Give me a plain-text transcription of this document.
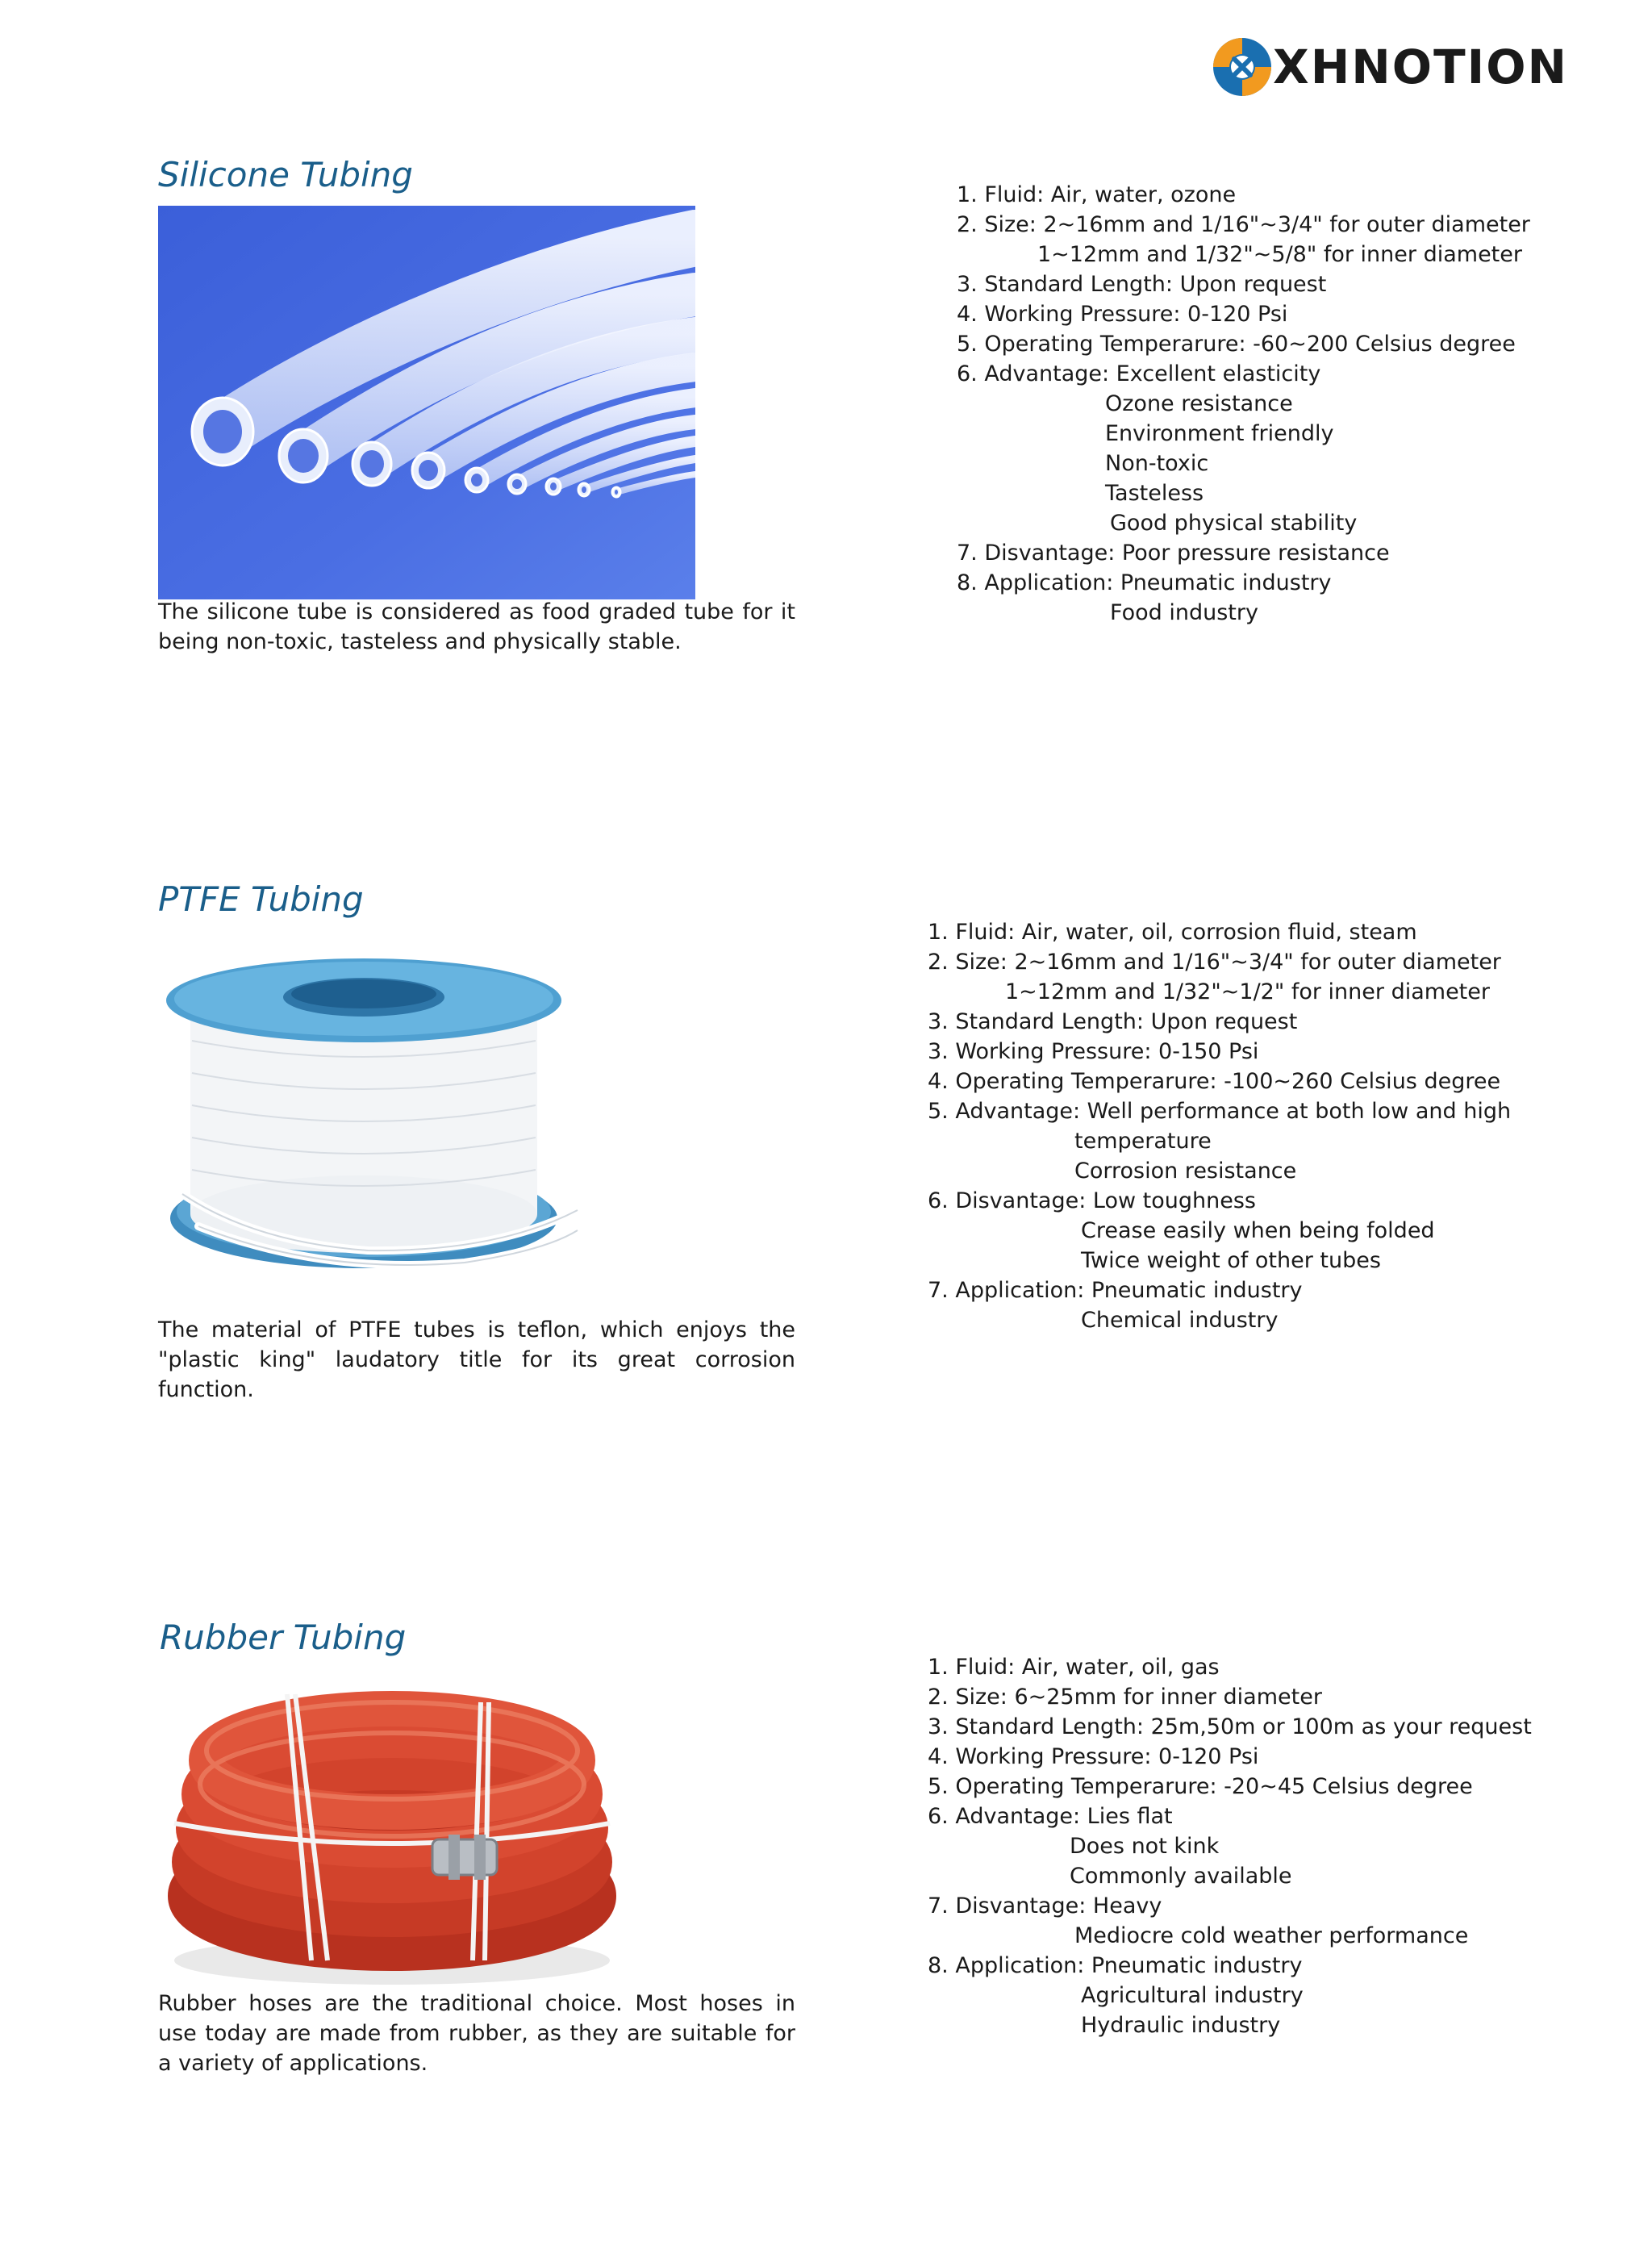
XHNOTION
Silicone Tubing
The silicone tube is considered as food graded tube for it being non-toxic, tasteless and physically stable.
1. Fluid: Air, water, ozone
2. Size: 2~16mm and 1/16"~3/4" for outer diameter
1~12mm and 1/32"~5/8" for inner diameter
3. Standard Length: Upon request
4. Working Pressure: 0-120 Psi
5. Operating Temperarure: -60~200 Celsius degree
6. Advantage: Excellent elasticity
Ozone resistance
Environment friendly
Non-toxic
Tasteless
Good physical stability
7. Disvantage: Poor pressure resistance
8. Application: Pneumatic industry
Food industry
PTFE Tubing
The material of PTFE tubes is teflon, which enjoys the "plastic king" laudatory title for its great corrosion function.
1. Fluid: Air, water, oil, corrosion fluid, steam
2. Size: 2~16mm and 1/16"~3/4" for outer diameter
1~12mm and 1/32"~1/2" for inner diameter
3. Standard Length: Upon request
3. Working Pressure: 0-150 Psi
4. Operating Temperarure: -100~260 Celsius degree
5. Advantage: Well performance at both low and high
temperature
Corrosion resistance
6. Disvantage: Low toughness
Crease easily when being folded
Twice weight of other tubes
7. Application: Pneumatic industry
Chemical industry
Rubber Tubing
Rubber hoses are the traditional choice. Most hoses in use today are made from rubber, as they are suitable for a variety of applications.
1. Fluid: Air, water, oil, gas
2. Size: 6~25mm for inner diameter
3. Standard Length: 25m,50m or 100m as your request
4. Working Pressure: 0-120 Psi
5. Operating Temperarure: -20~45 Celsius degree
6. Advantage: Lies flat
Does not kink
Commonly available
7. Disvantage: Heavy
Mediocre cold weather performance
8. Application: Pneumatic industry
Agricultural industry
Hydraulic industry
